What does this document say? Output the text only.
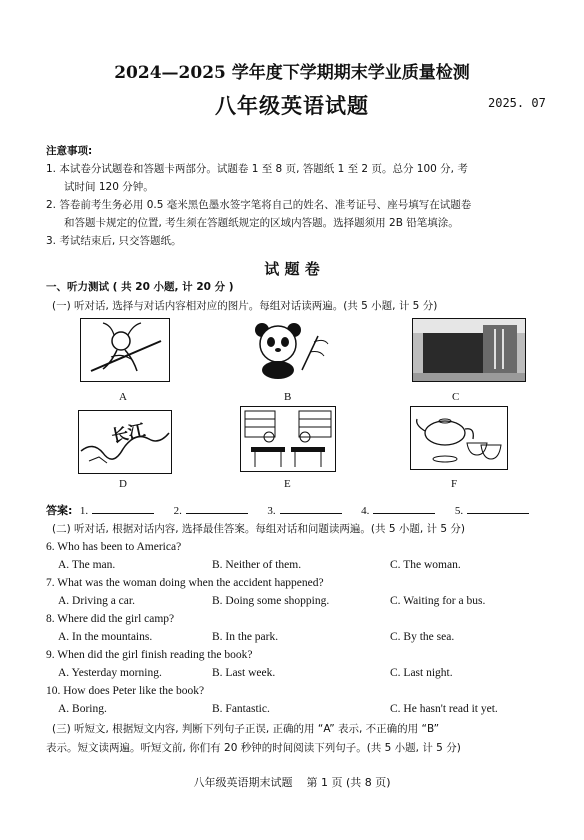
2024—2025 学年度下学期期末学业质量检测
八年级英语试题	2025. 07
注意事项:
1. 本试卷分试题卷和答题卡两部分。试题卷 1 至 8 页, 答题纸 1 至 2 页。总分 100 分, 考
试时间 120 分钟。
2. 答卷前考生务必用 0.5 毫米黑色墨水签字笔将自己的姓名、准考证号、座号填写在试题卷
和答题卡规定的位置, 考生须在答题纸规定的区域内答题。选择题须用 2B 铅笔填涂。
3. 考试结束后, 只交答题纸。
试 题 卷
一、听力测试 ( 共 20 小题, 计 20 分 )
(一) 听对话, 选择与对话内容相对应的图片。每组对话读两遍。(共 5 小题, 计 5 分)
A	B	C
长江
D	E	F
答案: 1.	2.	3.	4.	5.
(二) 听对话, 根据对话内容, 选择最佳答案。每组对话和问题读两遍。(共 5 小题, 计 5 分)
6. Who has been to America?
A. The man.	B. Neither of them.	C. The woman.
7. What was the woman doing when the accident happened?
A. Driving a car.	B. Doing some shopping.	C. Waiting for a bus.
8. Where did the girl camp?
A. In the mountains.	B. In the park.	C. By the sea.
9. When did the girl finish reading the book?
A. Yesterday morning.	B. Last week.	C. Last night.
10. How does Peter like the book?
A. Boring.	B. Fantastic.	C. He hasn't read it yet.
(三) 听短文, 根据短文内容, 判断下列句子正误, 正确的用 “A” 表示, 不正确的用 “B”
表示。短文读两遍。听短文前, 你们有 20 秒钟的时间阅读下列句子。(共 5 小题, 计 5 分)
八年级英语期末试题    第 1 页 (共 8 页)
